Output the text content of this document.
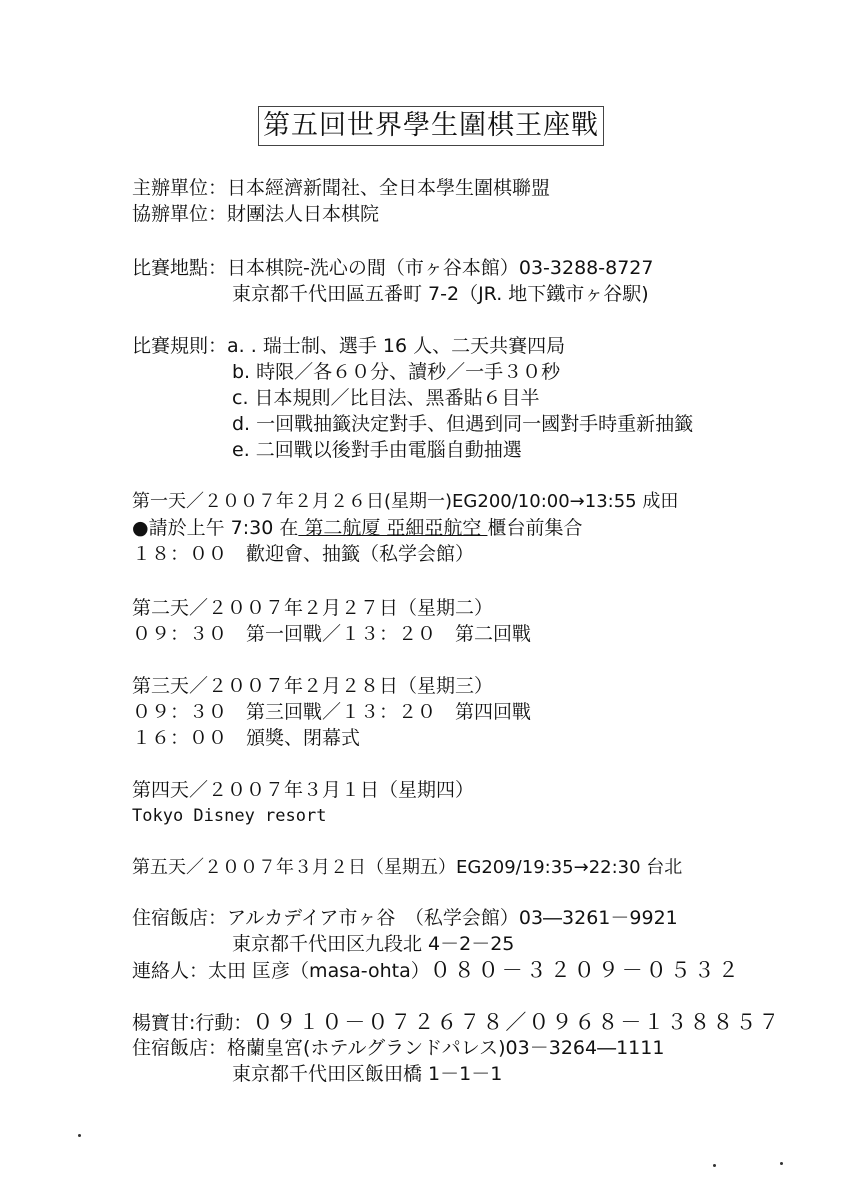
第五回世界學生圍棋王座戰
主辦單位：日本經濟新聞社、全日本學生圍棋聯盟
協辦單位：財團法人日本棋院
比賽地點：日本棋院-洗心の間（市ヶ谷本館）03-3288-8727
東京都千代田區五番町 7-2（JR. 地下鐵市ヶ谷駅)
比賽規則：a. . 瑞士制、選手 16 人、二天共賽四局
b. 時限／各６０分、讀秒／一手３０秒
c. 日本規則／比目法、黑番貼６目半
d. 一回戰抽籤決定對手、但遇到同一國對手時重新抽籤
e. 二回戰以後對手由電腦自動抽選
第一天／２００７年２月２６日(星期一)EG200/10:00→13:55 成田
●請於上午 7:30 在 第二航厦 亞細亞航空 櫃台前集合
１８：００　歡迎會、抽籤（私学会館）
第二天／２００７年２月２７日（星期二）
０９：３０　第一回戰／１３：２０　第二回戰
第三天／２００７年２月２８日（星期三）
０９：３０　第三回戰／１３：２０　第四回戰
１６：００　頒獎、閉幕式
第四天／２００７年３月１日（星期四）
Tokyo Disney resort
第五天／２００７年３月２日（星期五）EG209/19:35→22:30 台北
住宿飯店：アルカデイア市ヶ谷　（私学会館）03―3261－9921
東京都千代田区九段北 4－2－25
連絡人：太田 匡彦（masa-ohta）０８０－３２０９－０５３２
楊寶甘:行動：０９１０－０７２６７８／０９６８－１３８８５７
住宿飯店：格蘭皇宮(ホテルグランドパレス)03－3264―1111
東京都千代田区飯田橋 1－1－1
